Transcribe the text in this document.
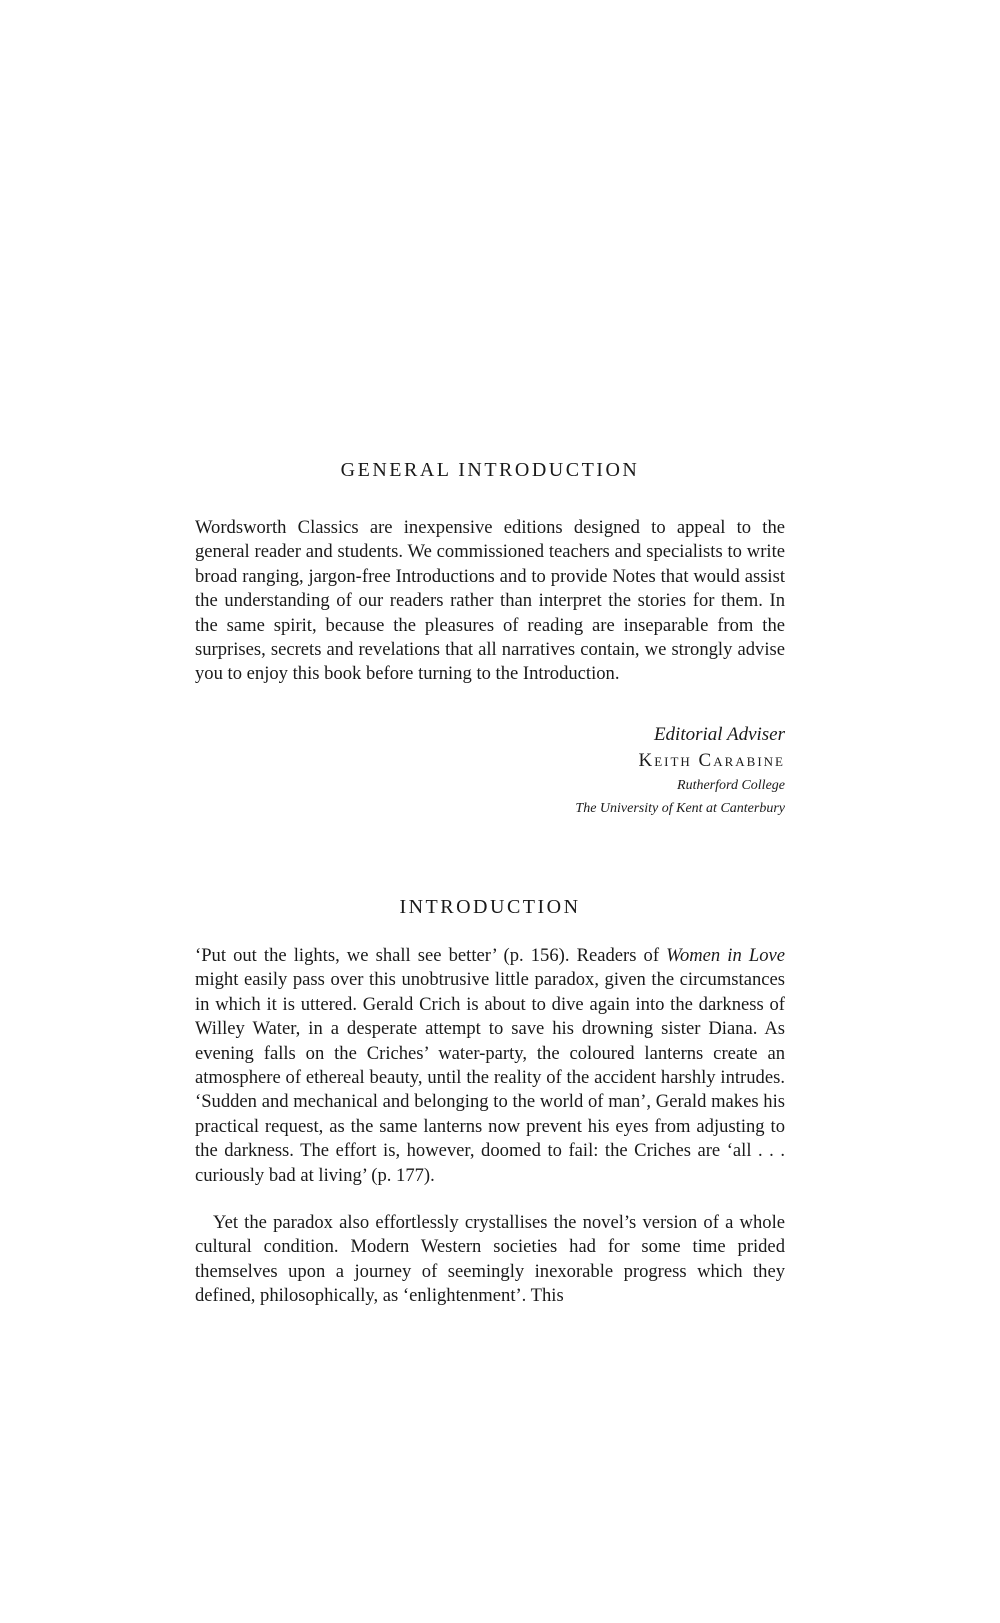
GENERAL INTRODUCTION

Wordsworth Classics are inexpensive editions designed to appeal to the general reader and students. We commissioned teachers and specialists to write broad ranging, jargon-free Introductions and to provide Notes that would assist the understanding of our readers rather than interpret the stories for them. In the same spirit, because the pleasures of reading are inseparable from the surprises, secrets and revelations that all narratives contain, we strongly advise you to enjoy this book before turning to the Introduction.

Editorial Adviser
Keith Carabine
Rutherford College
The University of Kent at Canterbury
INTRODUCTION

‘Put out the lights, we shall see better’ (p. 156). Readers of Women in Love might easily pass over this unobtrusive little paradox, given the circumstances in which it is uttered. Gerald Crich is about to dive again into the darkness of Willey Water, in a desperate attempt to save his drowning sister Diana. As evening falls on the Criches’ water-party, the coloured lanterns create an atmosphere of ethereal beauty, until the reality of the accident harshly intrudes. ‘Sudden and mechanical and belonging to the world of man’, Gerald makes his practical request, as the same lanterns now prevent his eyes from adjusting to the darkness. The effort is, however, doomed to fail: the Criches are ‘all . . . curiously bad at living’ (p. 177).

Yet the paradox also effortlessly crystallises the novel’s version of a whole cultural condition. Modern Western societies had for some time prided themselves upon a journey of seemingly inexorable progress which they defined, philosophically, as ‘enlightenment’. This
